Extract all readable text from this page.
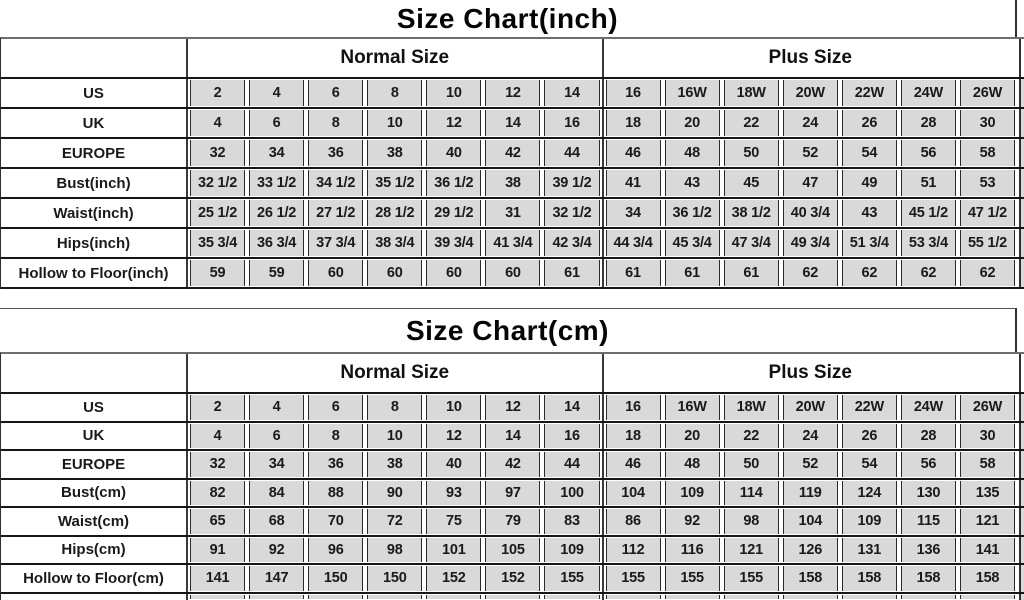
Size Chart(inch)
Normal Size	Plus Size
US	2	4	6	8	10	12	14	16	16W	18W	20W	22W	24W	26W
UK	4	6	8	10	12	14	16	18	20	22	24	26	28	30
EUROPE	32	34	36	38	40	42	44	46	48	50	52	54	56	58
Bust(inch)	32 1/2	33 1/2	34 1/2	35 1/2	36 1/2	38	39 1/2	41	43	45	47	49	51	53
Waist(inch)	25 1/2	26 1/2	27 1/2	28 1/2	29 1/2	31	32 1/2	34	36 1/2	38 1/2	40 3/4	43	45 1/2	47 1/2
Hips(inch)	35 3/4	36 3/4	37 3/4	38 3/4	39 3/4	41 3/4	42 3/4	44 3/4	45 3/4	47 3/4	49 3/4	51 3/4	53 3/4	55 1/2
Hollow to Floor(inch)	59	59	60	60	60	60	61	61	61	61	62	62	62	62
Size Chart(cm)
Normal Size	Plus Size
US	2	4	6	8	10	12	14	16	16W	18W	20W	22W	24W	26W
UK	4	6	8	10	12	14	16	18	20	22	24	26	28	30
EUROPE	32	34	36	38	40	42	44	46	48	50	52	54	56	58
Bust(cm)	82	84	88	90	93	97	100	104	109	114	119	124	130	135
Waist(cm)	65	68	70	72	75	79	83	86	92	98	104	109	115	121
Hips(cm)	91	92	96	98	101	105	109	112	116	121	126	131	136	141
Hollow to Floor(cm)	141	147	150	150	152	152	155	155	155	155	158	158	158	158
